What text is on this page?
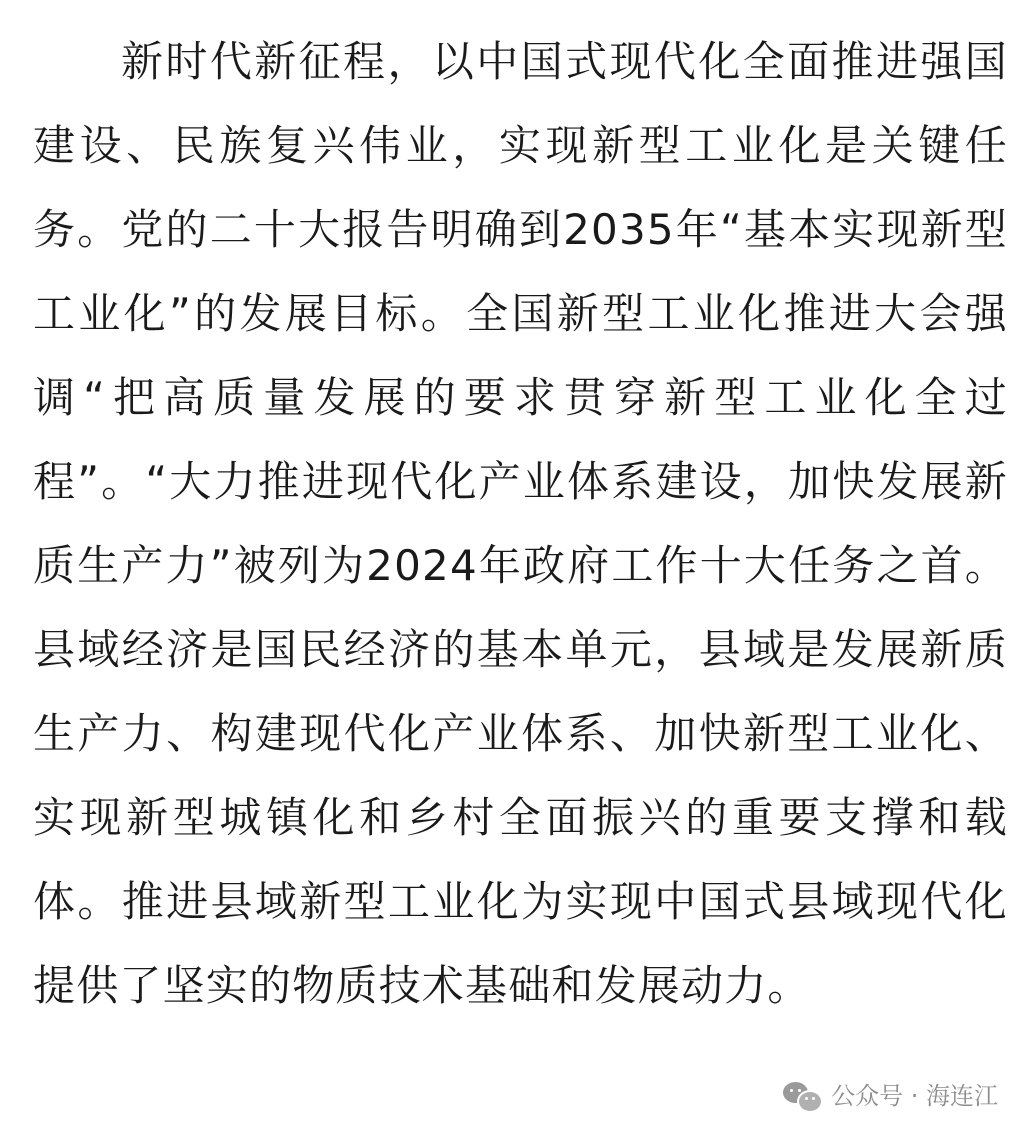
新时代新征程，以中国式现代化全面推进强国建设、民族复兴伟业，实现新型工业化是关键任务。党的二十大报告明确到2035年“基本实现新型工业化”的发展目标。全国新型工业化推进大会强调“把高质量发展的要求贯穿新型工业化全过程”。“大力推进现代化产业体系建设，加快发展新质生产力”被列为2024年政府工作十大任务之首。县域经济是国民经济的基本单元，县域是发展新质生产力、构建现代化产业体系、加快新型工业化、实现新型城镇化和乡村全面振兴的重要支撑和载体。推进县域新型工业化为实现中国式县域现代化提供了坚实的物质技术基础和发展动力。

公众号 · 海连江
